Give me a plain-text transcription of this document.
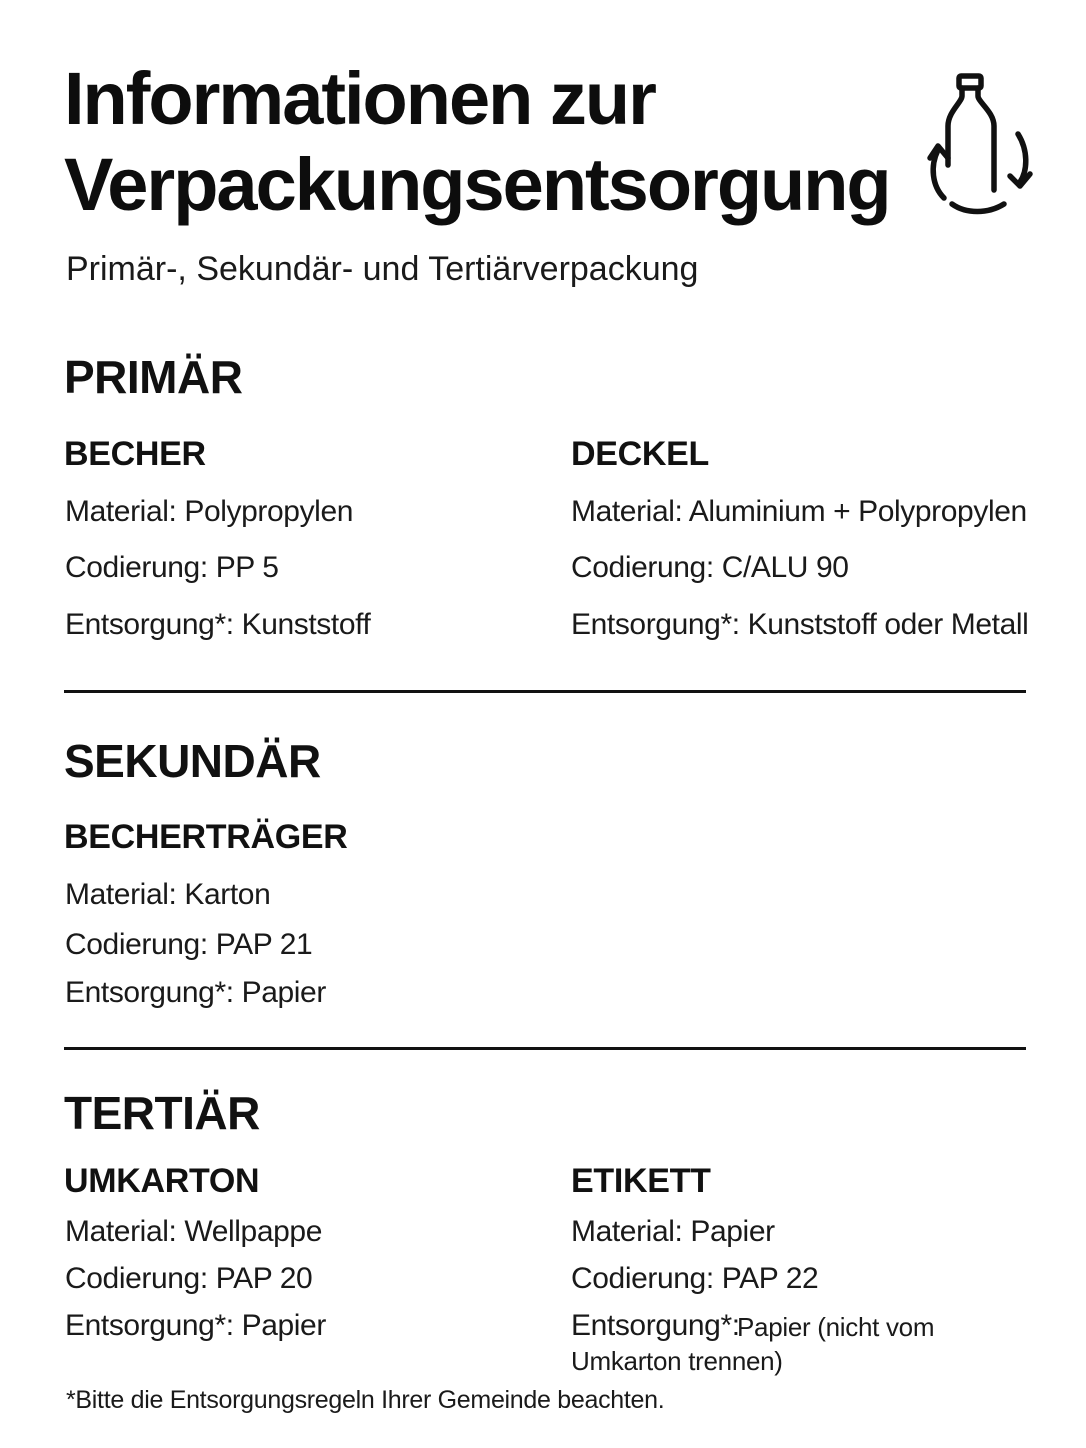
Informationen zur
Verpackungsentsorgung

Primär-, Sekundär- und Tertiärverpackung

PRIMÄR
BECHER

Material: Polypropylen

Codierung: PP 5

Entsorgung*: Kunststoff

DECKEL

Material: Aluminium + Polypropylen

Codierung: C/ALU 90

Entsorgung*: Kunststoff oder Metall

SEKUNDÄR
BECHERTRÄGER

Material: Karton

Codierung: PAP 21

Entsorgung*: Papier

TERTIÄR
UMKARTON

Material: Wellpappe

Codierung: PAP 20

Entsorgung*: Papier

ETIKETT

Material: Papier

Codierung: PAP 22

Entsorgung*:

Papier (nicht vom Umkarton trennen)

*Bitte die Entsorgungsregeln Ihrer Gemeinde beachten.
